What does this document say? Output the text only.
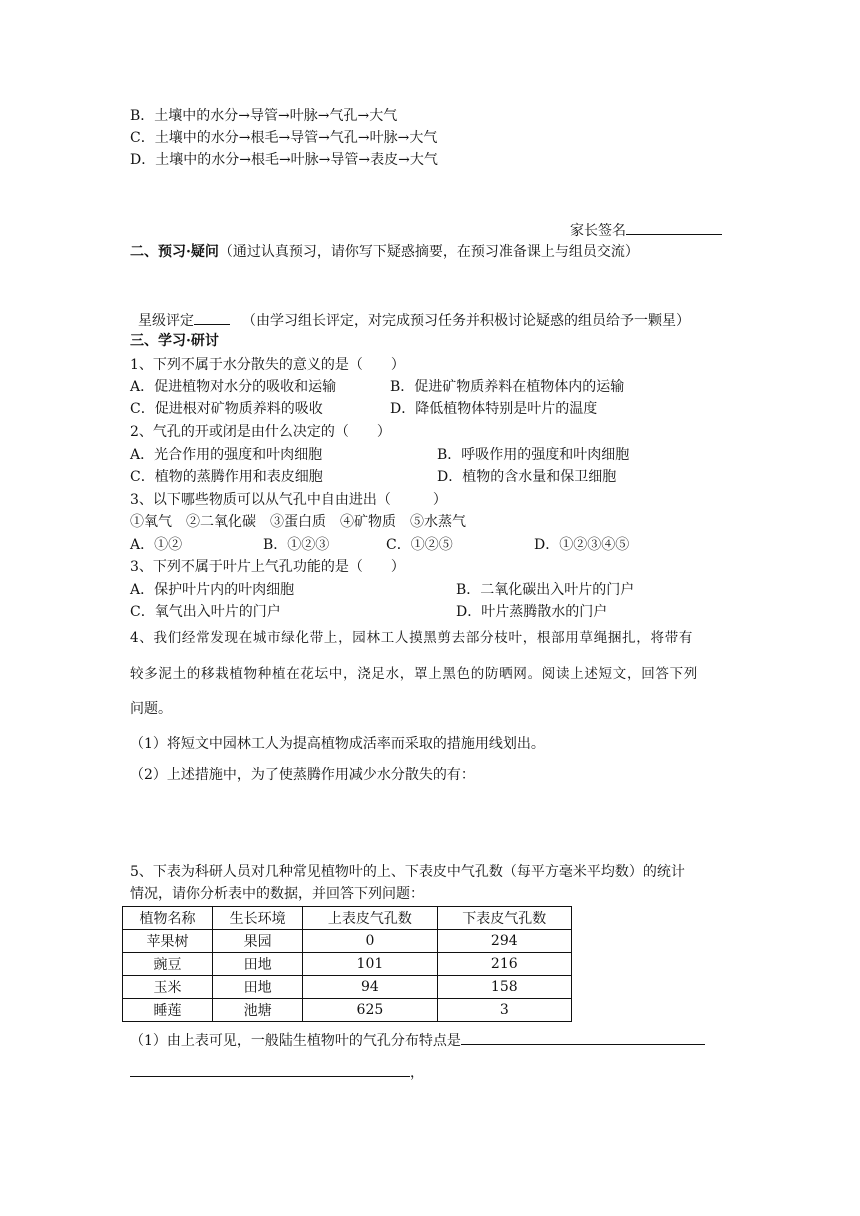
B．土壤中的水分→导管→叶脉→气孔→大气
C．土壤中的水分→根毛→导管→气孔→叶脉→大气
D．土壤中的水分→根毛→叶脉→导管→表皮→大气
家长签名
二、预习·疑问（通过认真预习，请你写下疑惑摘要，在预习准备课上与组员交流）
星级评定	（由学习组长评定，对完成预习任务并积极讨论疑惑的组员给予一颗星）
三、学习·研讨
1、下列不属于水分散失的意义的是（　　）
A．促进植物对水分的吸收和运输	B．促进矿物质养料在植物体内的运输
C．促进根对矿物质养料的吸收	D．降低植物体特别是叶片的温度
2、气孔的开或闭是由什么决定的（　　）
A．光合作用的强度和叶肉细胞	B．呼吸作用的强度和叶肉细胞
C．植物的蒸腾作用和表皮细胞	D．植物的含水量和保卫细胞
3、以下哪些物质可以从气孔中自由进出（　　　）
①氧气　②二氧化碳　③蛋白质　④矿物质　⑤水蒸气
A．①②	B．①②③	C．①②⑤	D．①②③④⑤
3、下列不属于叶片上气孔功能的是（　　）
A．保护叶片内的叶肉细胞	B．二氧化碳出入叶片的门户
C．氧气出入叶片的门户	D．叶片蒸腾散水的门户
4、我们经常发现在城市绿化带上，园林工人摸黑剪去部分枝叶，根部用草绳捆扎，将带有
较多泥土的移栽植物种植在花坛中，浇足水，罩上黑色的防晒网。阅读上述短文，回答下列
问题。
（1）将短文中园林工人为提高植物成活率而采取的措施用线划出。
（2）上述措施中，为了使蒸腾作用减少水分散失的有：
5、下表为科研人员对几种常见植物叶的上、下表皮中气孔数（每平方毫米平均数）的统计
情况，请你分析表中的数据，并回答下列问题：
植物名称	生长环境	上表皮气孔数	下表皮气孔数
苹果树	果园	0	294
豌豆	田地	101	216
玉米	田地	94	158
睡莲	池塘	625	3
（1）由上表可见，一般陆生植物叶的气孔分布特点是
，
